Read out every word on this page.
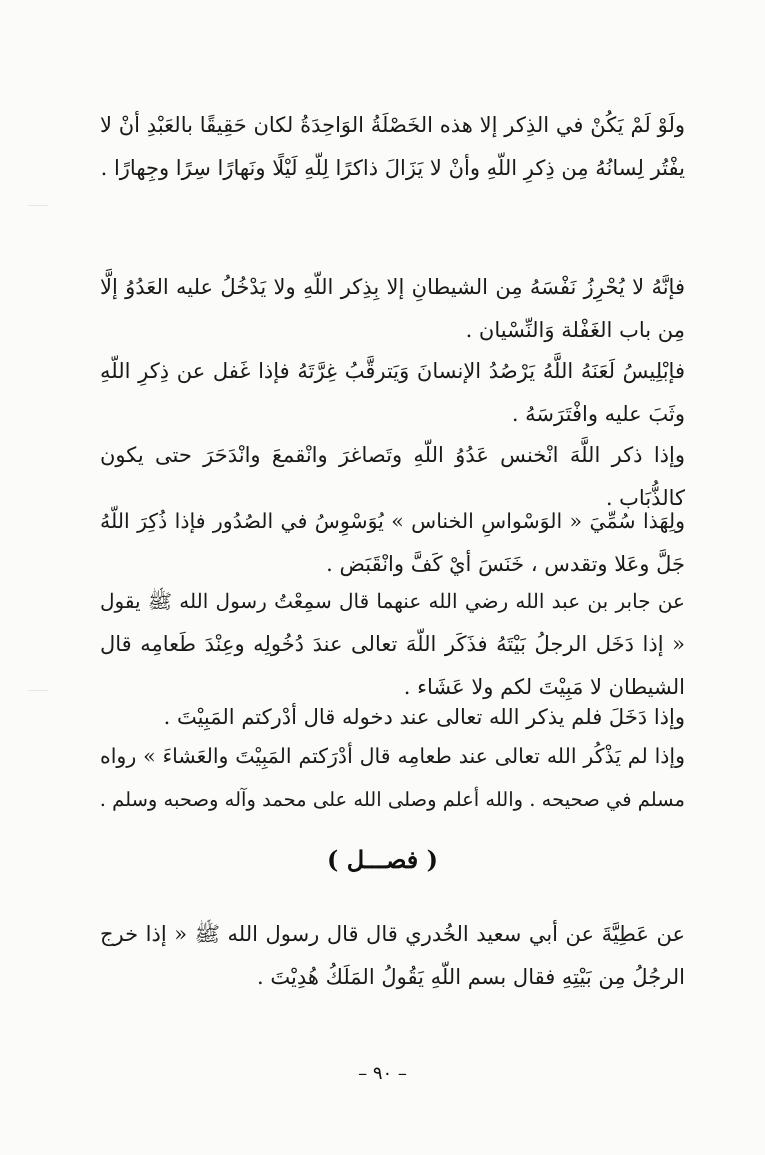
ولَوْ لَمْ يَكُنْ في الذِكر إلا هذه الخَصْلَةُ الوَاحِدَةُ لكان حَقِيقًا بالعَبْدِ أنْ لا
يفْتُر لِسانُهُ مِن ذِكرِ اللّهِ وأنْ لا يَزَالَ ذاكرًا لِلّهِ لَيْلًا ونَهارًا سِرًا وجِهارًا .
فإنَّهُ لا يُحْرِزُ نَفْسَهُ مِن الشيطانِ إلا بِذِكر اللّهِ ولا يَدْخُلُ عليه العَدُوُ إلَّا
مِن باب الغَفْلة وَالنِّسْيان .
فإبْلِيسُ لَعَنَهُ اللَّهُ يَرْصُدُ الإنسانَ وَيَترقَّبُ غِرَّتَهُ فإذا غَفل عن ذِكرِ اللّهِ
وثَبَ عليه وافْتَرَسَهُ .
وإذا ذكر اللَّهَ انْخنس عَدُوُ اللّهِ وتَصاغرَ وانْقمعَ وانْدَحَرَ حتى يكون
كالذُّبَاب .
ولِهَذا سُمِّيَ « الوَسْواسِ الخناس » يُوَسْوِسُ في الصُدُور فإذا ذُكِرَ اللّهُ
جَلَّ وعَلا وتقدس ، خَنَسَ أيْ كَفَّ وانْقَبَض .
عن جابر بن عبد الله رضي الله عنهما قال سمِعْتُ رسول الله ﷺ يقول
« إذا دَخَل الرجلُ بَيْتَهُ فذَكَر اللّهَ تعالى عندَ دُخُولِه وعِنْدَ طَعامِه قال
الشيطان لا مَبِيْتَ لكم ولا عَشَاء .
وإذا دَخَلَ فلم يذكر الله تعالى عند دخوله قال أدْركتم المَبِيْتَ .
وإذا لم يَذْكُر الله تعالى عند طعامِه قال أدْرَكتم المَبِيْتَ والعَشاءَ » رواه
مسلم في صحيحه . والله أعلم وصلى الله على محمد وآله وصحبه وسلم .
( فصـــل )
عن عَطِيَّةَ عن أبي سعيد الخُدري قال قال رسول الله ﷺ « إذا خرج
الرجُلُ مِن بَيْتِهِ فقال بسم اللّهِ يَقُولُ المَلَكُ هُدِيْتَ .
– ٩٠ –
